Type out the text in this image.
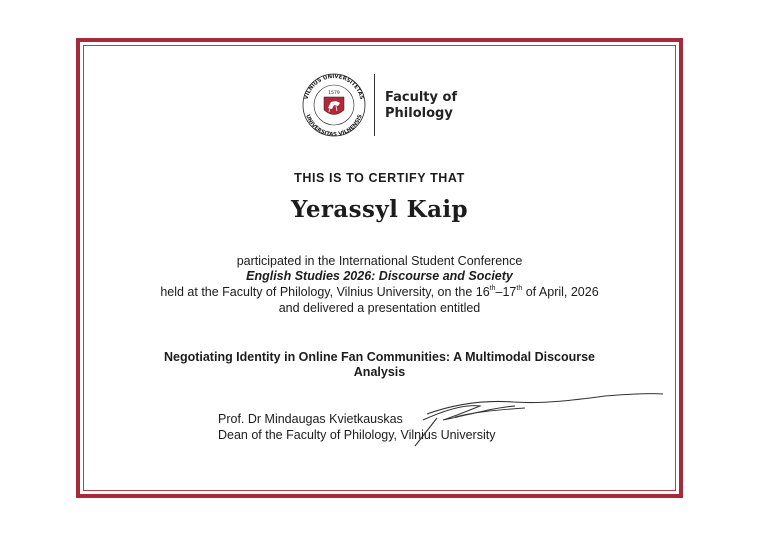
VILNIUS UNIVERSITETAS
UNIVERSITAS VILNENSIS
1579	Faculty of
Philology
THIS IS TO CERTIFY THAT
Yerassyl Kaip
participated in the International Student Conference
English Studies 2026: Discourse and Society
held at the Faculty of Philology, Vilnius University, on the 16th–17th of April, 2026
and delivered a presentation entitled
Negotiating Identity in Online Fan Communities: A Multimodal Discourse
Analysis
Prof. Dr Mindaugas Kvietkauskas
Dean of the Faculty of Philology, Vilnius University
